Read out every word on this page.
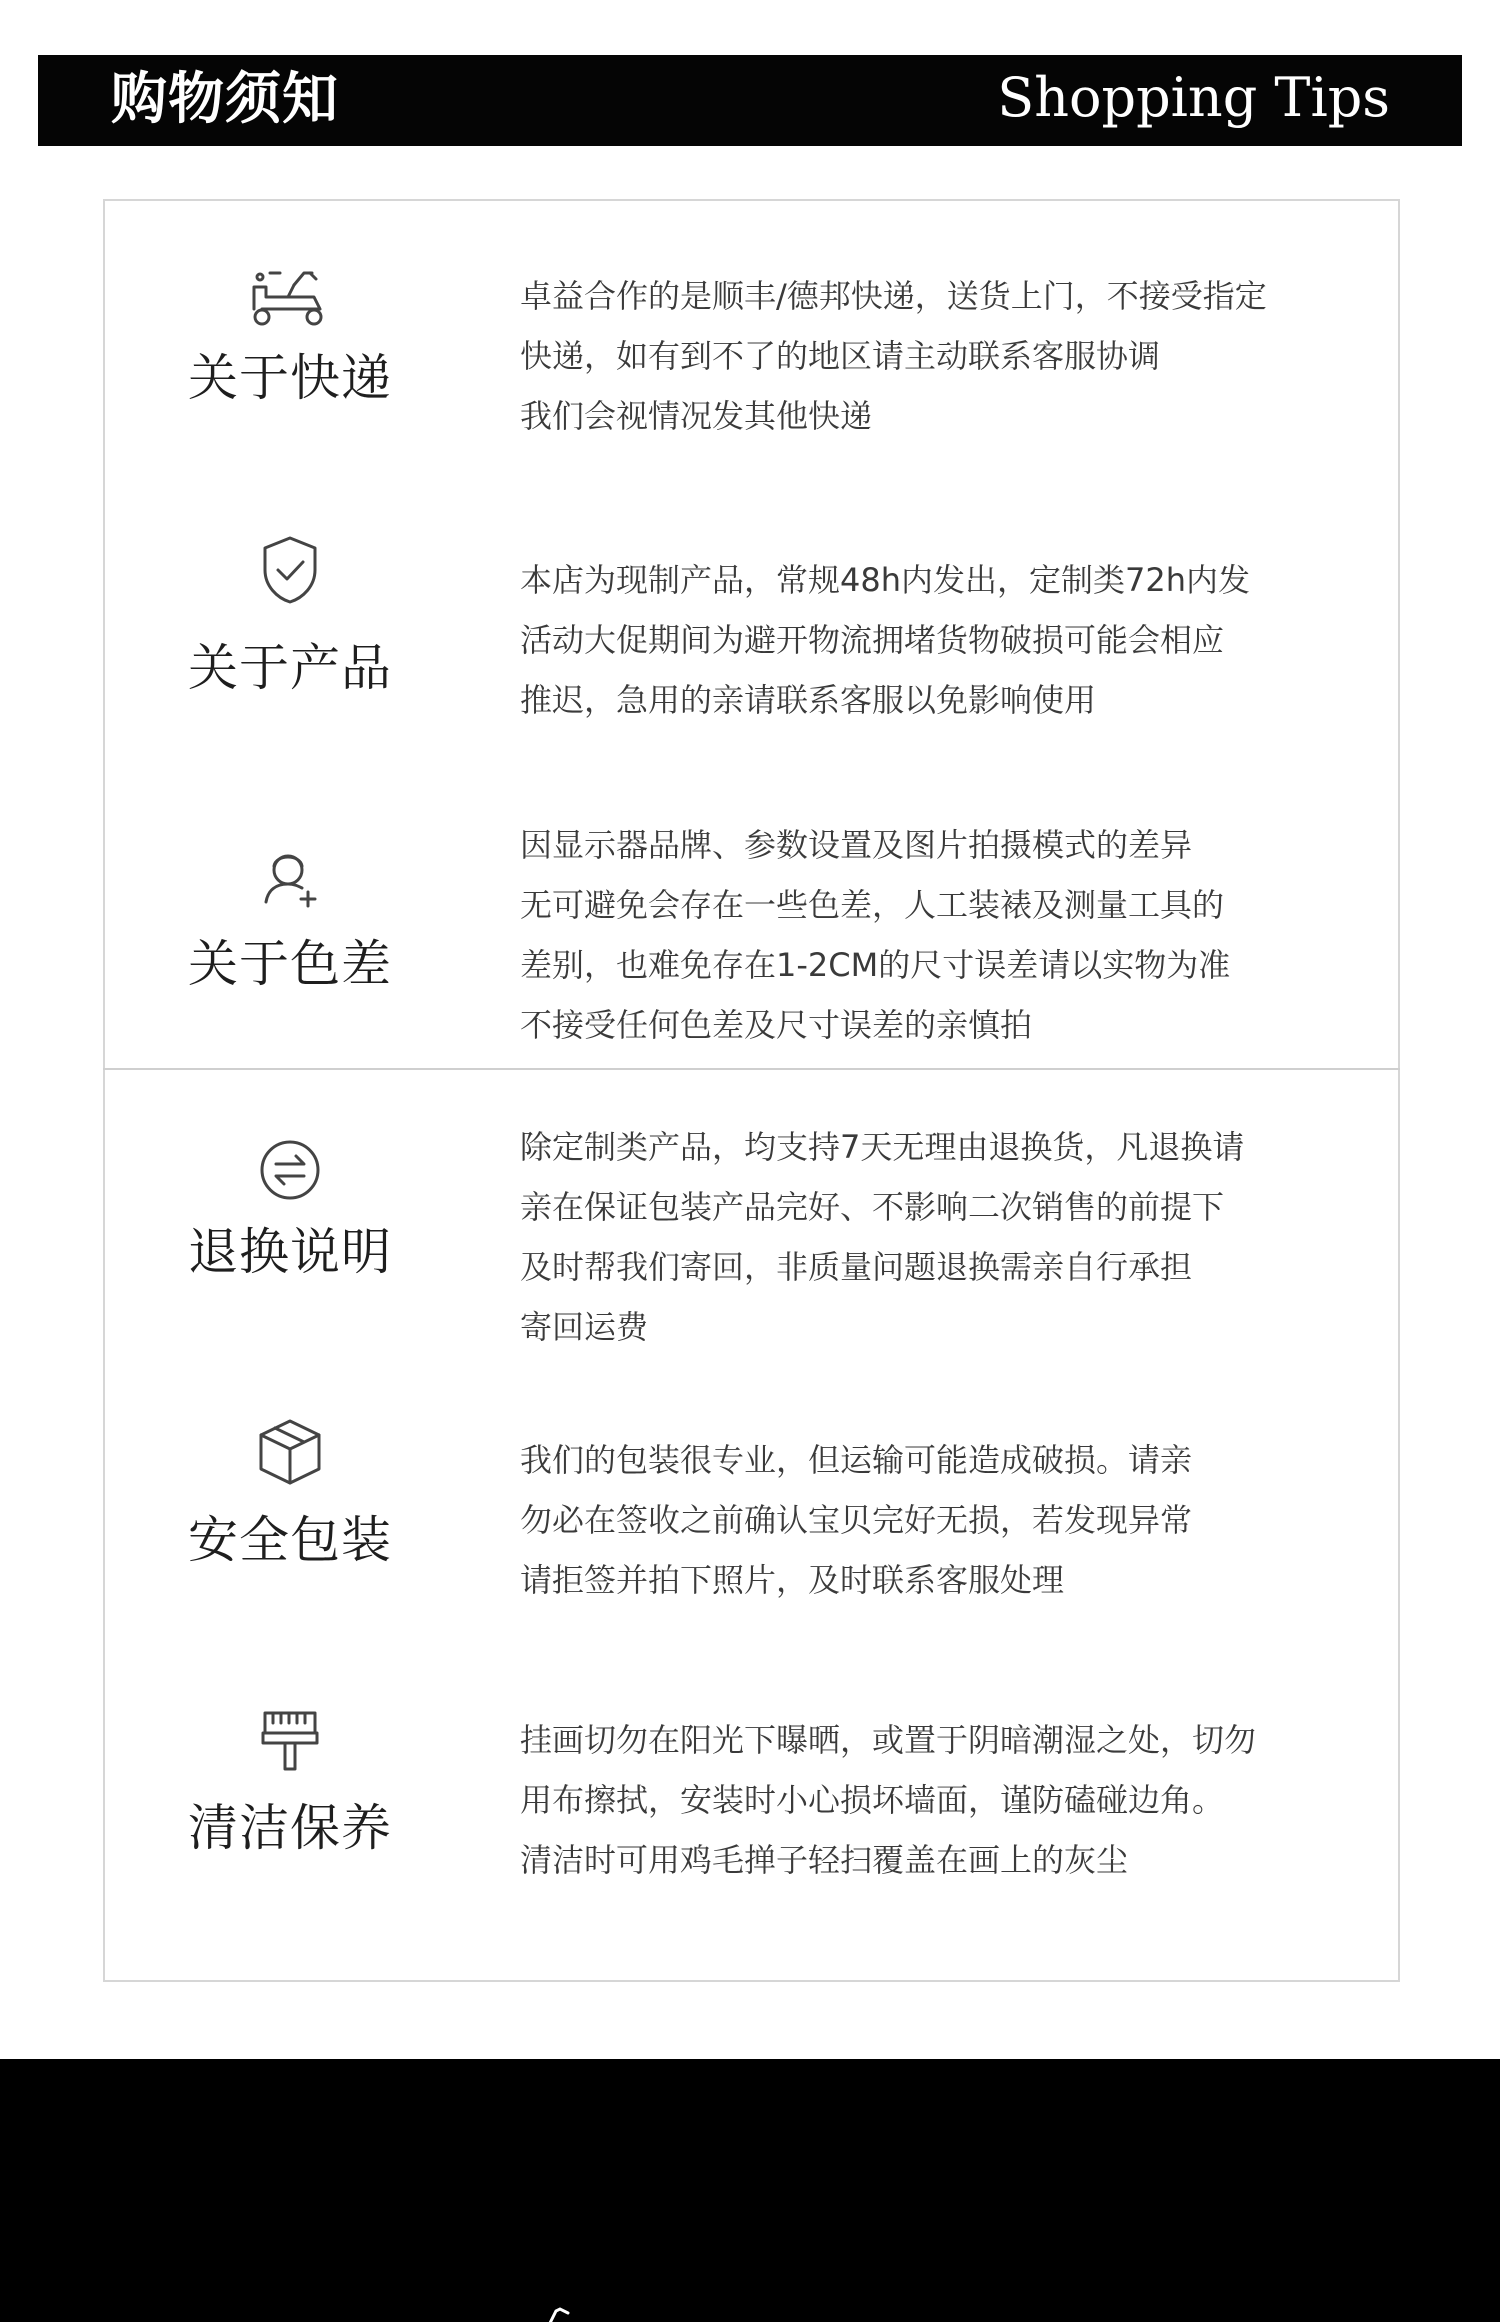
购物须知	Shopping Tips
关于快递

卓益合作的是顺丰/德邦快递，送货上门，不接受指定
快递，如有到不了的地区请主动联系客服协调
我们会视情况发其他快递

关于产品

本店为现制产品，常规48h内发出，定制类72h内发
活动大促期间为避开物流拥堵货物破损可能会相应
推迟，急用的亲请联系客服以免影响使用

关于色差

因显示器品牌、参数设置及图片拍摄模式的差异
无可避免会存在一些色差，人工装裱及测量工具的
差别，也难免存在1-2CM的尺寸误差请以实物为准
不接受任何色差及尺寸误差的亲慎拍

退换说明

除定制类产品，均支持7天无理由退换货，凡退换请
亲在保证包装产品完好、不影响二次销售的前提下
及时帮我们寄回，非质量问题退换需亲自行承担
寄回运费

安全包装

我们的包装很专业，但运输可能造成破损。请亲
勿必在签收之前确认宝贝完好无损，若发现异常
请拒签并拍下照片，及时联系客服处理

清洁保养

挂画切勿在阳光下曝晒，或置于阴暗潮湿之处，切勿
用布擦拭，安装时小心损坏墙面，谨防磕碰边角。
清洁时可用鸡毛掸子轻扫覆盖在画上的灰尘
